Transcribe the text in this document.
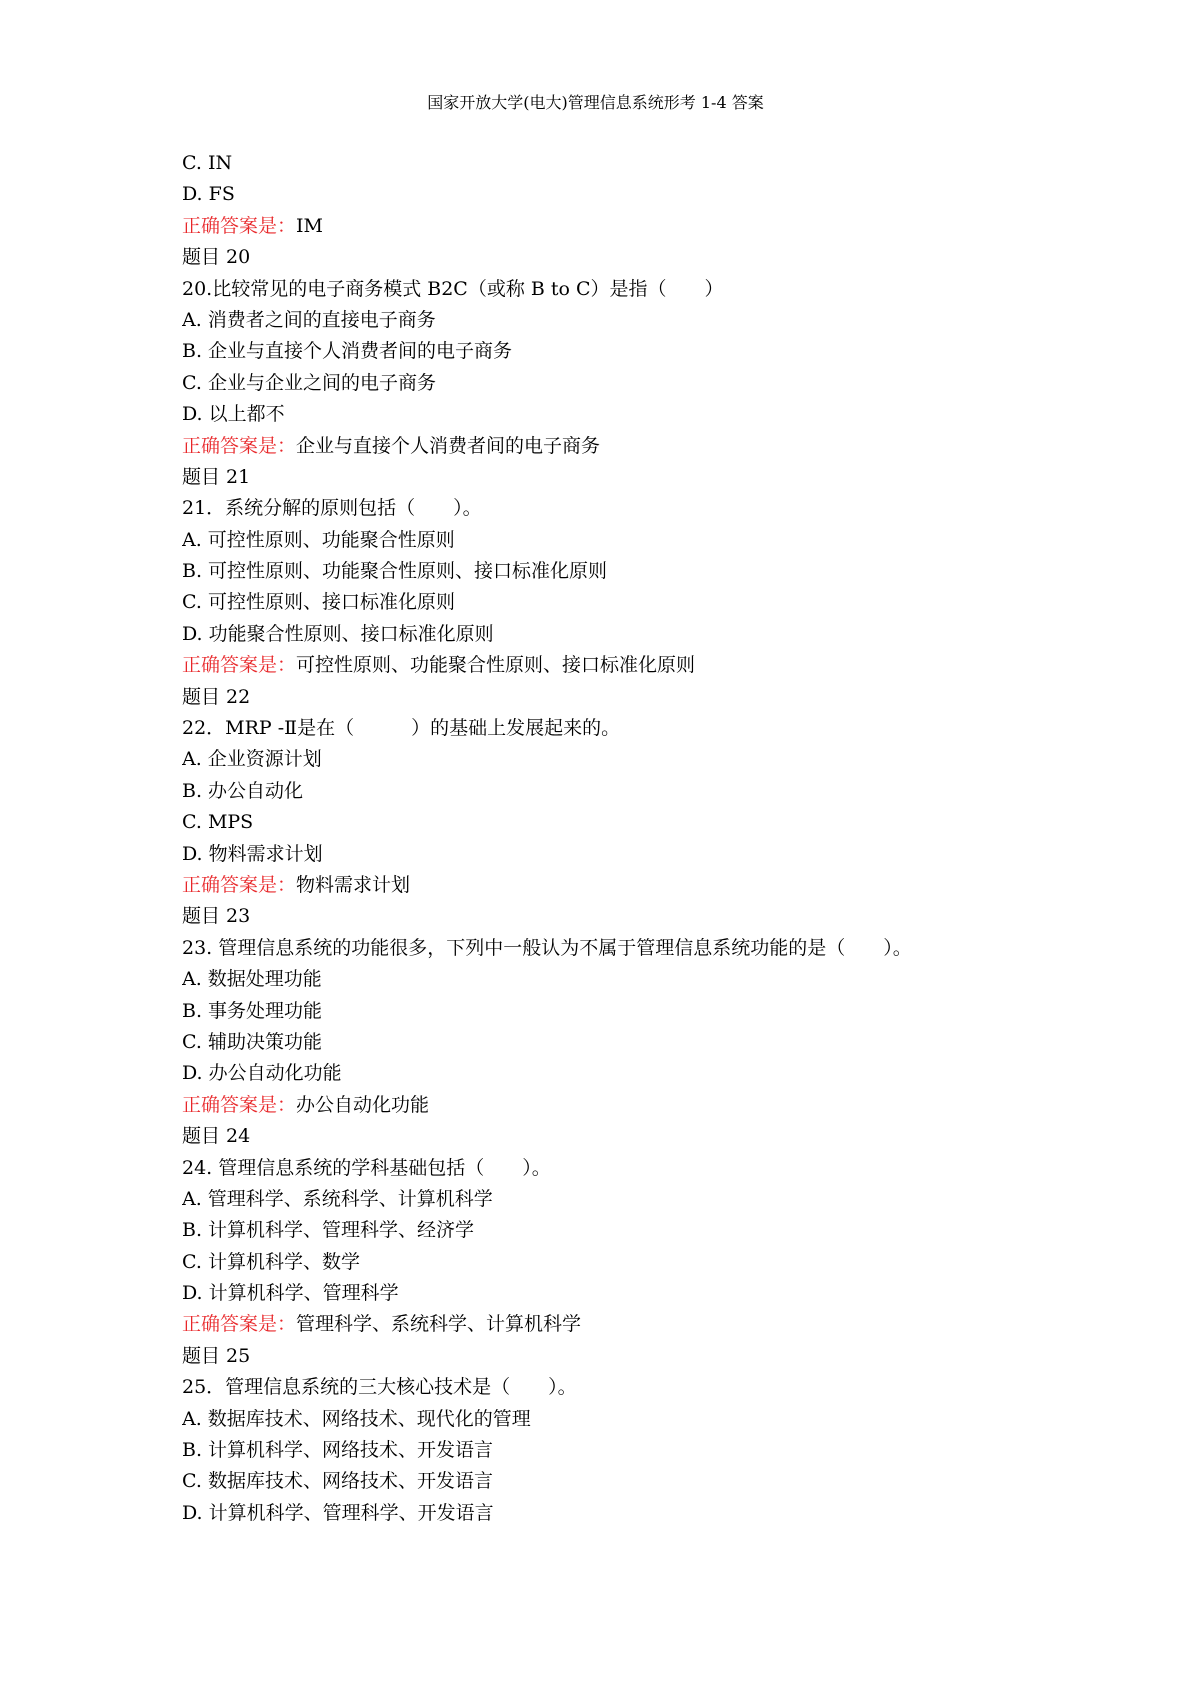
国家开放大学(电大)管理信息系统形考 1-4 答案
C. IN
D. FS
正确答案是：IM
题目 20
20.比较常见的电子商务模式 B2C（或称 B to C）是指（　　）
A. 消费者之间的直接电子商务
B. 企业与直接个人消费者间的电子商务
C. 企业与企业之间的电子商务
D. 以上都不
正确答案是：企业与直接个人消费者间的电子商务
题目 21
21．系统分解的原则包括（　　）。
A. 可控性原则、功能聚合性原则
B. 可控性原则、功能聚合性原则、接口标准化原则
C. 可控性原则、接口标准化原则
D. 功能聚合性原则、接口标准化原则
正确答案是：可控性原则、功能聚合性原则、接口标准化原则
题目 22
22．MRP -Ⅱ是在（　　　）的基础上发展起来的。
A. 企业资源计划
B. 办公自动化
C. MPS
D. 物料需求计划
正确答案是：物料需求计划
题目 23
23. 管理信息系统的功能很多，下列中一般认为不属于管理信息系统功能的是（　　）。
A. 数据处理功能
B. 事务处理功能
C. 辅助决策功能
D. 办公自动化功能
正确答案是：办公自动化功能
题目 24
24. 管理信息系统的学科基础包括（　　）。
A. 管理科学、系统科学、计算机科学
B. 计算机科学、管理科学、经济学
C. 计算机科学、数学
D. 计算机科学、管理科学
正确答案是：管理科学、系统科学、计算机科学
题目 25
25．管理信息系统的三大核心技术是（　　）。
A. 数据库技术、网络技术、现代化的管理
B. 计算机科学、网络技术、开发语言
C. 数据库技术、网络技术、开发语言
D. 计算机科学、管理科学、开发语言
